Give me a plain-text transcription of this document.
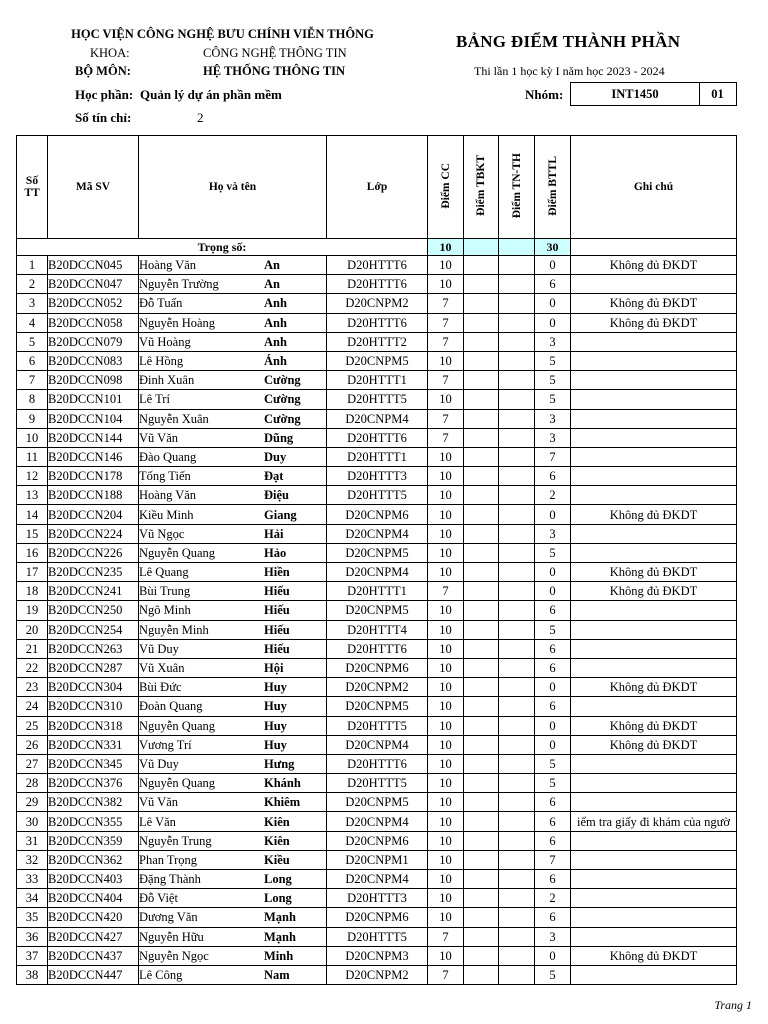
HỌC VIỆN CÔNG NGHỆ BƯU CHÍNH VIỄN THÔNG
KHOA:	CÔNG NGHỆ THÔNG TIN
BỘ MÔN:	HỆ THỐNG THÔNG TIN
BẢNG ĐIỂM THÀNH PHẦN
Thi lần 1 học kỳ I năm học 2023 - 2024
Học phần: Quản lý dự án phần mềm
Số tín chỉ:	2
Nhóm:	INT1450	01
Số TT	Mã SV	Họ và tên	Lớp	Điểm CC	Điểm TBKT	Điểm TN-TH	Điểm BTTL	Ghi chú
Trọng số:				10			30	
1	B20DCCN045	Hoàng Văn An	D20HTTT6	10			0	Không đủ ĐKDT
2	B20DCCN047	Nguyễn Trường An	D20HTTT6	10			6	
3	B20DCCN052	Đỗ Tuấn Anh	D20CNPM2	7			0	Không đủ ĐKDT
4	B20DCCN058	Nguyễn Hoàng Anh	D20HTTT6	7			0	Không đủ ĐKDT
5	B20DCCN079	Vũ Hoàng Anh	D20HTTT2	7			3	
6	B20DCCN083	Lê Hồng Ánh	D20CNPM5	10			5	
7	B20DCCN098	Đinh Xuân Cường	D20HTTT1	7			5	
8	B20DCCN101	Lê Trí Cường	D20HTTT5	10			5	
9	B20DCCN104	Nguyễn Xuân Cường	D20CNPM4	7			3	
10	B20DCCN144	Vũ Văn Dũng	D20HTTT6	7			3	
11	B20DCCN146	Đào Quang Duy	D20HTTT1	10			7	
12	B20DCCN178	Tống Tiến Đạt	D20HTTT3	10			6	
13	B20DCCN188	Hoàng Văn Điệu	D20HTTT5	10			2	
14	B20DCCN204	Kiều Minh Giang	D20CNPM6	10			0	Không đủ ĐKDT
15	B20DCCN224	Vũ Ngọc Hải	D20CNPM4	10			3	
16	B20DCCN226	Nguyễn Quang Hảo	D20CNPM5	10			5	
17	B20DCCN235	Lê Quang Hiền	D20CNPM4	10			0	Không đủ ĐKDT
18	B20DCCN241	Bùi Trung Hiếu	D20HTTT1	7			0	Không đủ ĐKDT
19	B20DCCN250	Ngô Minh Hiếu	D20CNPM5	10			6	
20	B20DCCN254	Nguyễn Minh Hiếu	D20HTTT4	10			5	
21	B20DCCN263	Vũ Duy Hiếu	D20HTTT6	10			6	
22	B20DCCN287	Vũ Xuân Hội	D20CNPM6	10			6	
23	B20DCCN304	Bùi Đức Huy	D20CNPM2	10			0	Không đủ ĐKDT
24	B20DCCN310	Đoàn Quang Huy	D20CNPM5	10			6	
25	B20DCCN318	Nguyễn Quang Huy	D20HTTT5	10			0	Không đủ ĐKDT
26	B20DCCN331	Vương Trí Huy	D20CNPM4	10			0	Không đủ ĐKDT
27	B20DCCN345	Vũ Duy Hưng	D20HTTT6	10			5	
28	B20DCCN376	Nguyễn Quang Khánh	D20HTTT5	10			5	
29	B20DCCN382	Vũ Văn Khiêm	D20CNPM5	10			6	
30	B20DCCN355	Lê Văn Kiên	D20CNPM4	10			6	iểm tra giấy đi khám của ngườ
31	B20DCCN359	Nguyễn Trung Kiên	D20CNPM6	10			6	
32	B20DCCN362	Phan Trọng Kiều	D20CNPM1	10			7	
33	B20DCCN403	Đặng Thành Long	D20CNPM4	10			6	
34	B20DCCN404	Đỗ Việt Long	D20HTTT3	10			2	
35	B20DCCN420	Dương Văn Mạnh	D20CNPM6	10			6	
36	B20DCCN427	Nguyễn Hữu Mạnh	D20HTTT5	7			3	
37	B20DCCN437	Nguyễn Ngọc Minh	D20CNPM3	10			0	Không đủ ĐKDT
38	B20DCCN447	Lê Công Nam	D20CNPM2	7			5	
Trang 1
